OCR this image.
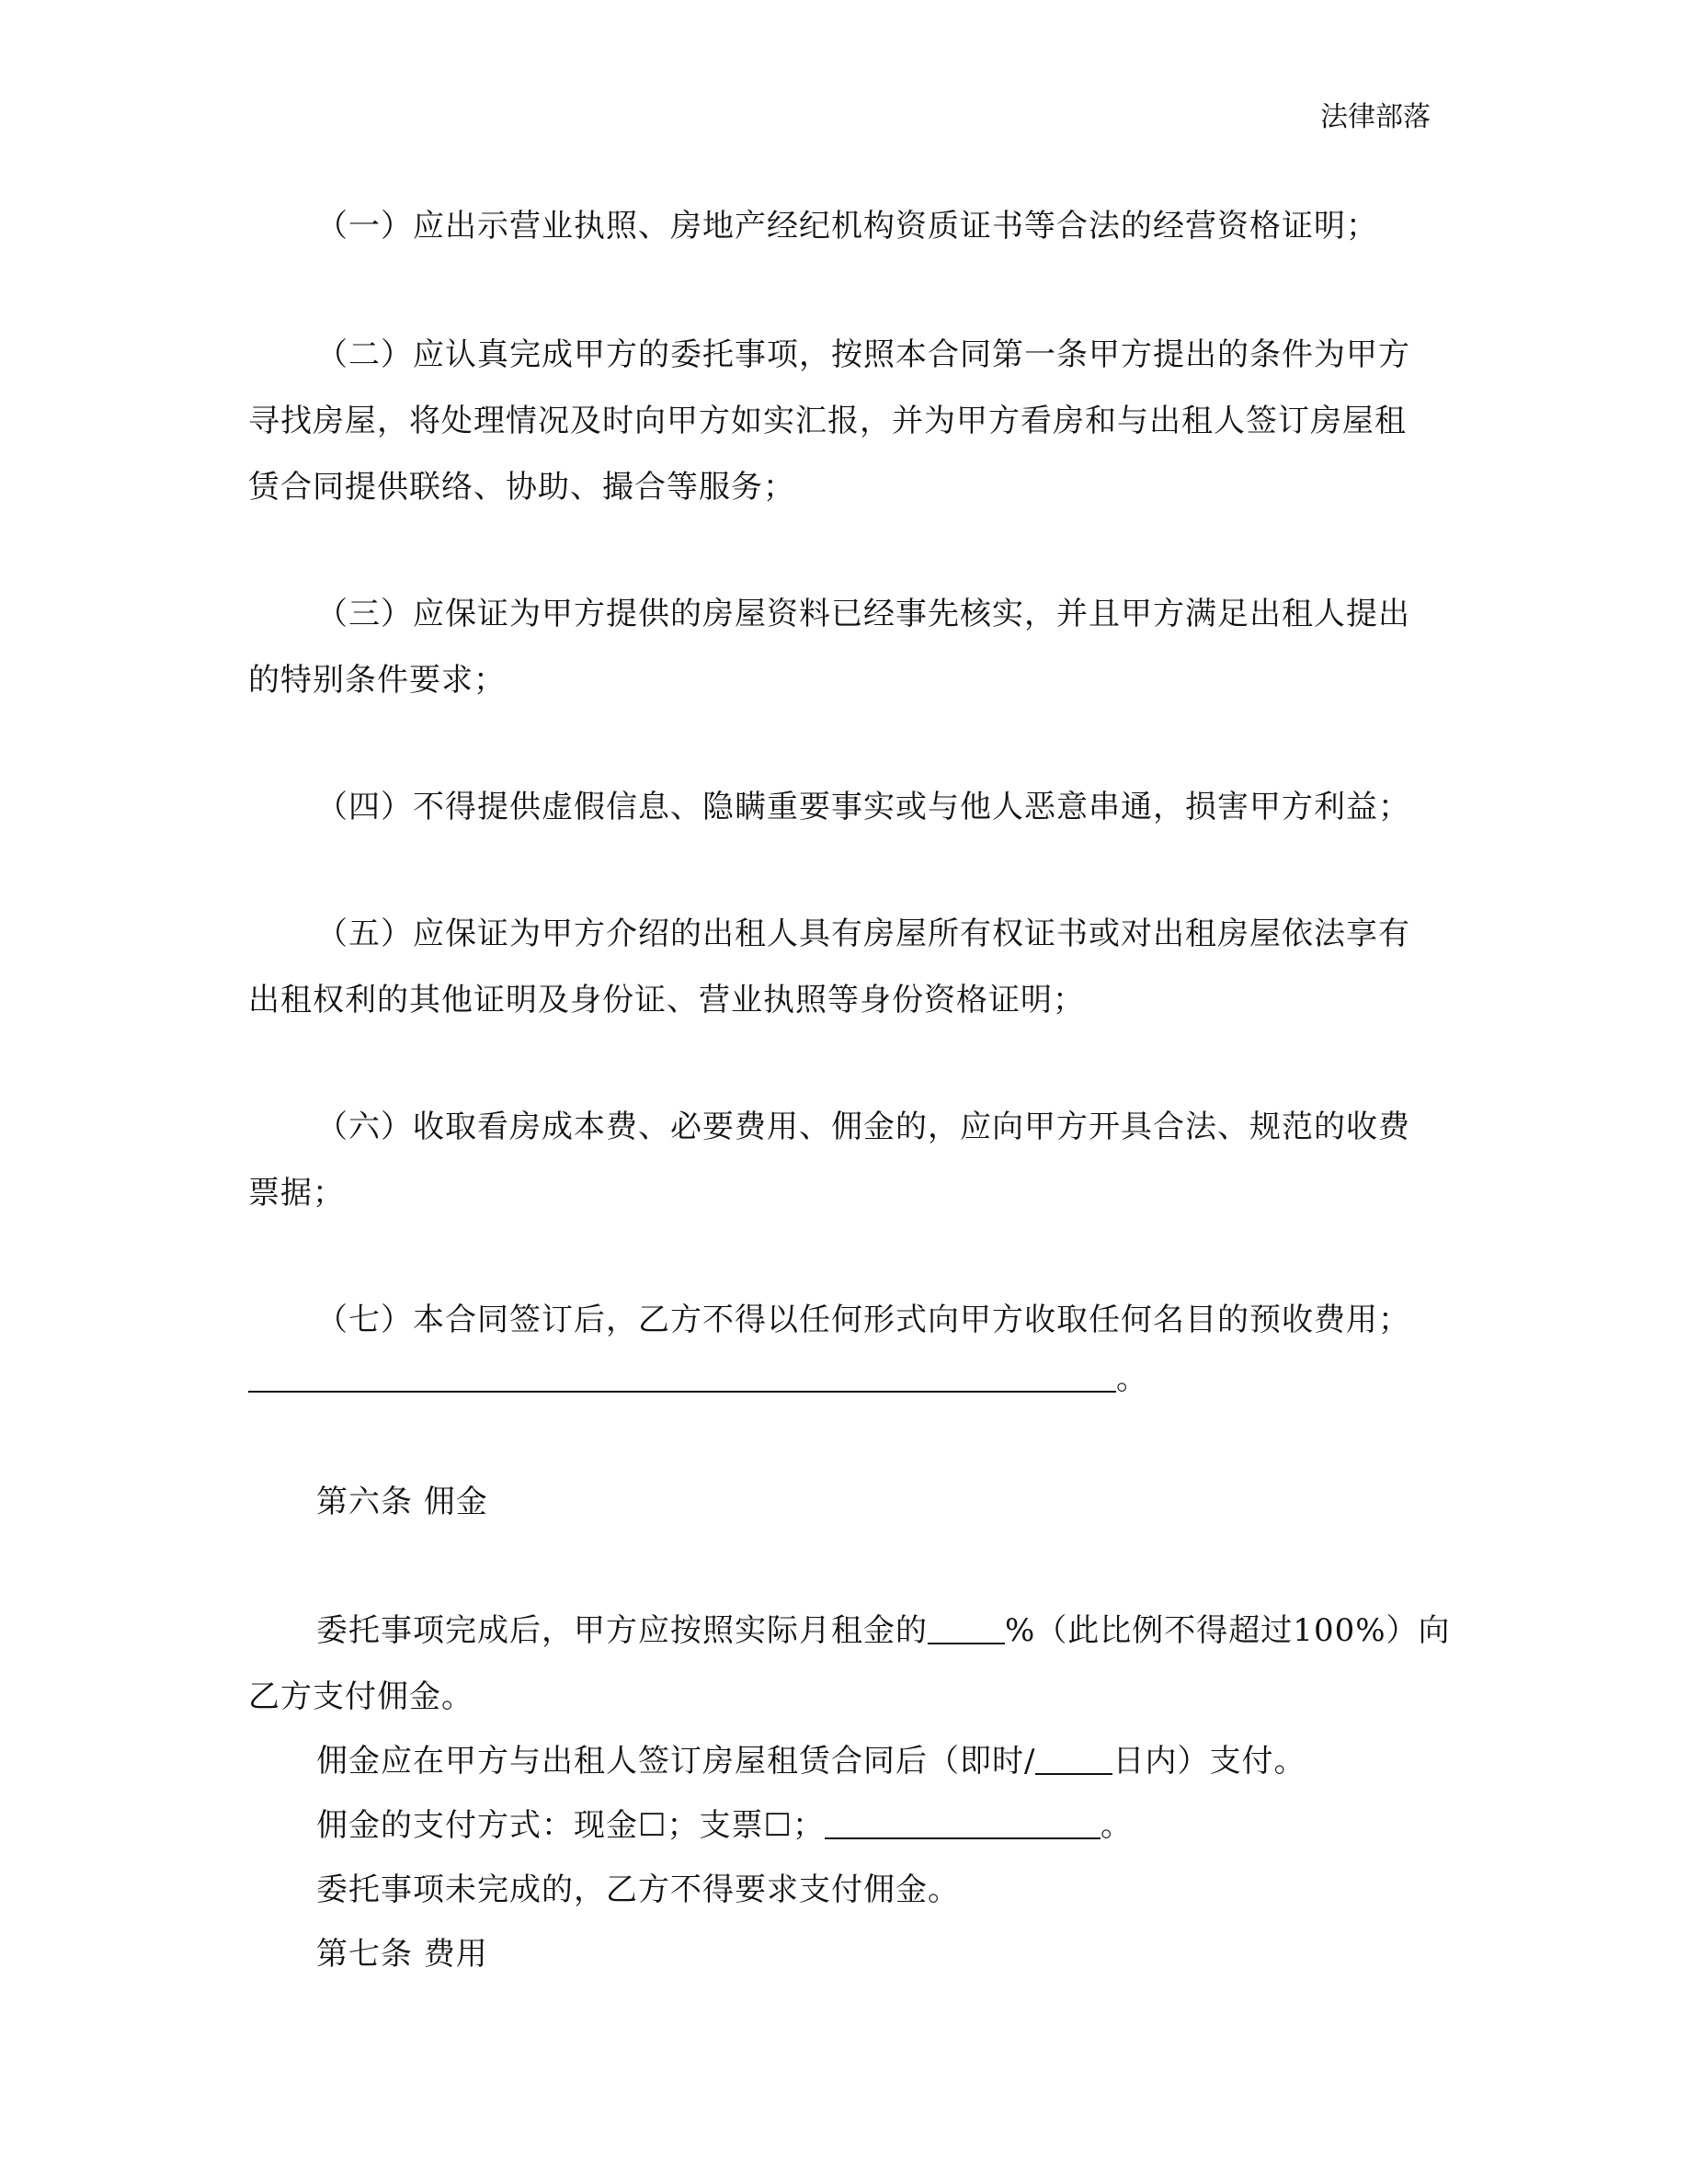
法律部落
（一）应出示营业执照、房地产经纪机构资质证书等合法的经营资格证明；
（二）应认真完成甲方的委托事项，按照本合同第一条甲方提出的条件为甲方
寻找房屋，将处理情况及时向甲方如实汇报，并为甲方看房和与出租人签订房屋租
赁合同提供联络、协助、撮合等服务；
（三）应保证为甲方提供的房屋资料已经事先核实，并且甲方满足出租人提出
的特别条件要求；
（四）不得提供虚假信息、隐瞒重要事实或与他人恶意串通，损害甲方利益；
（五）应保证为甲方介绍的出租人具有房屋所有权证书或对出租房屋依法享有
出租权利的其他证明及身份证、营业执照等身份资格证明；
（六）收取看房成本费、必要费用、佣金的，应向甲方开具合法、规范的收费
票据；
（七）本合同签订后，乙方不得以任何形式向甲方收取任何名目的预收费用；
。
第六条 佣金
委托事项完成后，甲方应按照实际月租金的 %（此比例不得超过100%）向
乙方支付佣金。
佣金应在甲方与出租人签订房屋租赁合同后（即时/ 日内）支付。
佣金的支付方式：现金☐；支票☐；	。
委托事项未完成的，乙方不得要求支付佣金。
第七条 费用
